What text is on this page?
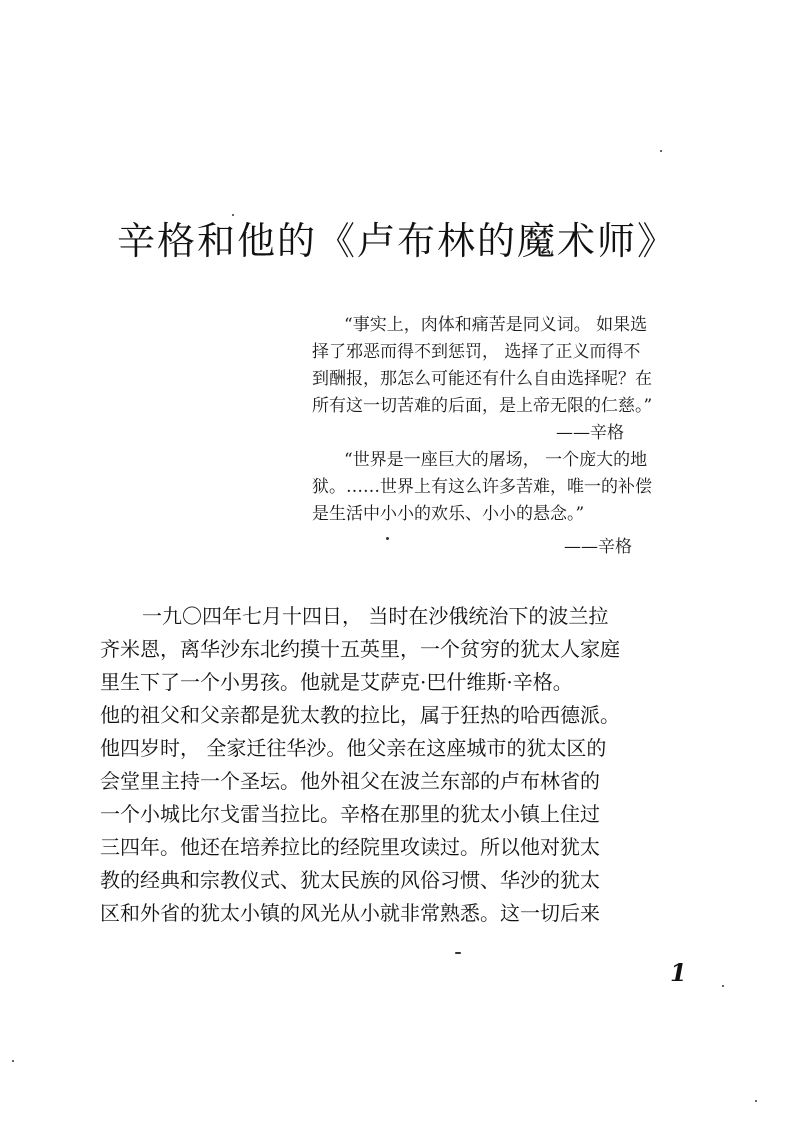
辛格和他的《卢布林的魔术师》
“事实上，肉体和痛苦是同义词。 如果选
择了邪恶而得不到惩罚， 选择了正义而得不
到酬报，那怎么可能还有什么自由选择呢？在
所有这一切苦难的后面，是上帝无限的仁慈。”
——辛格
“世界是一座巨大的屠场， 一个庞大的地
狱。……世界上有这么许多苦难，唯一的补偿
是生活中小小的欢乐、小小的悬念。”
——辛格
一九〇四年七月十四日， 当时在沙俄统治下的波兰拉
齐米恩，离华沙东北约摸十五英里，一个贫穷的犹太人家庭
里生下了一个小男孩。他就是艾萨克·巴什维斯·辛格。
他的祖父和父亲都是犹太教的拉比，属于狂热的哈西德派。
他四岁时， 全家迁往华沙。他父亲在这座城市的犹太区的
会堂里主持一个圣坛。他外祖父在波兰东部的卢布林省的
一个小城比尔戈雷当拉比。辛格在那里的犹太小镇上住过
三四年。他还在培养拉比的经院里攻读过。所以他对犹太
教的经典和宗教仪式、犹太民族的风俗习惯、华沙的犹太
区和外省的犹太小镇的风光从小就非常熟悉。这一切后来
1
